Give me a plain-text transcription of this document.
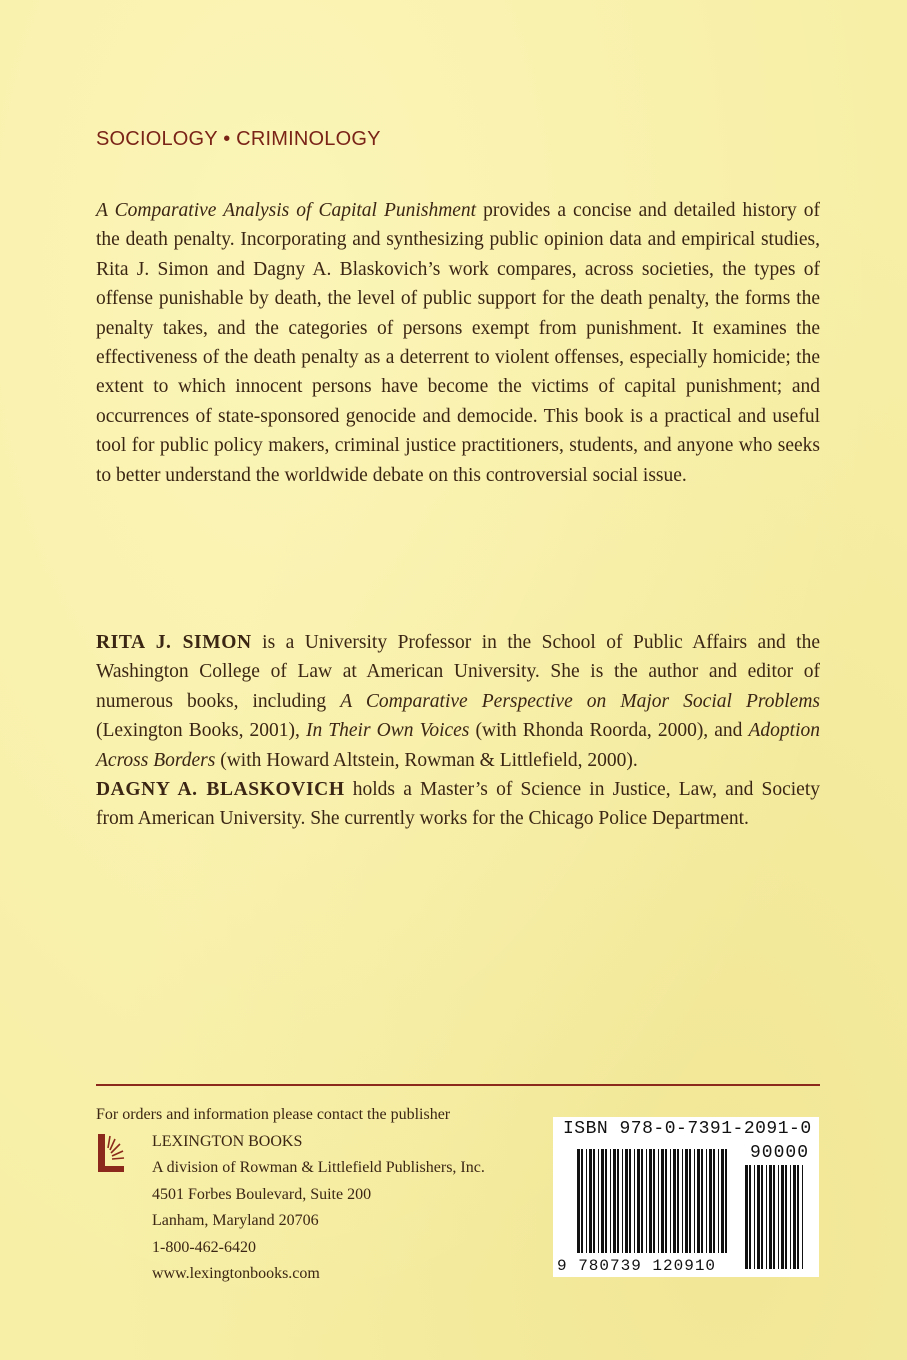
SOCIOLOGY • CRIMINOLOGY

A Comparative Analysis of Capital Punishment provides a concise and detailed history of the death penalty. Incorporating and synthesizing public opinion data and empirical studies, Rita J. Simon and Dagny A. Blaskovich’s work compares, across societies, the types of offense punishable by death, the level of public support for the death penalty, the forms the penalty takes, and the categories of persons exempt from punishment. It examines the effectiveness of the death penalty as a deterrent to violent offenses, especially homicide; the extent to which innocent persons have become the victims of capital punishment; and occurrences of state-sponsored genocide and democide. This book is a practical and useful tool for public policy makers, criminal justice practitioners, students, and anyone who seeks to better understand the worldwide debate on this controversial social issue.

RITA J. SIMON is a University Professor in the School of Public Affairs and the Washington College of Law at American University. She is the author and editor of numerous books, including A Comparative Perspective on Major Social Problems (Lexington Books, 2001), In Their Own Voices (with Rhonda Roorda, 2000), and Adoption Across Borders (with Howard Altstein, Rowman & Littlefield, 2000).
DAGNY A. BLASKOVICH holds a Master’s of Science in Justice, Law, and Society from American University. She currently works for the Chicago Police Department.

For orders and information please contact the publisher
LEXINGTON BOOKS
A division of Rowman & Littlefield Publishers, Inc.
4501 Forbes Boulevard, Suite 200
Lanham, Maryland 20706
1-800-462-6420
www.lexingtonbooks.com
ISBN 978-0-7391-2091-0
90000
9 780739 120910
